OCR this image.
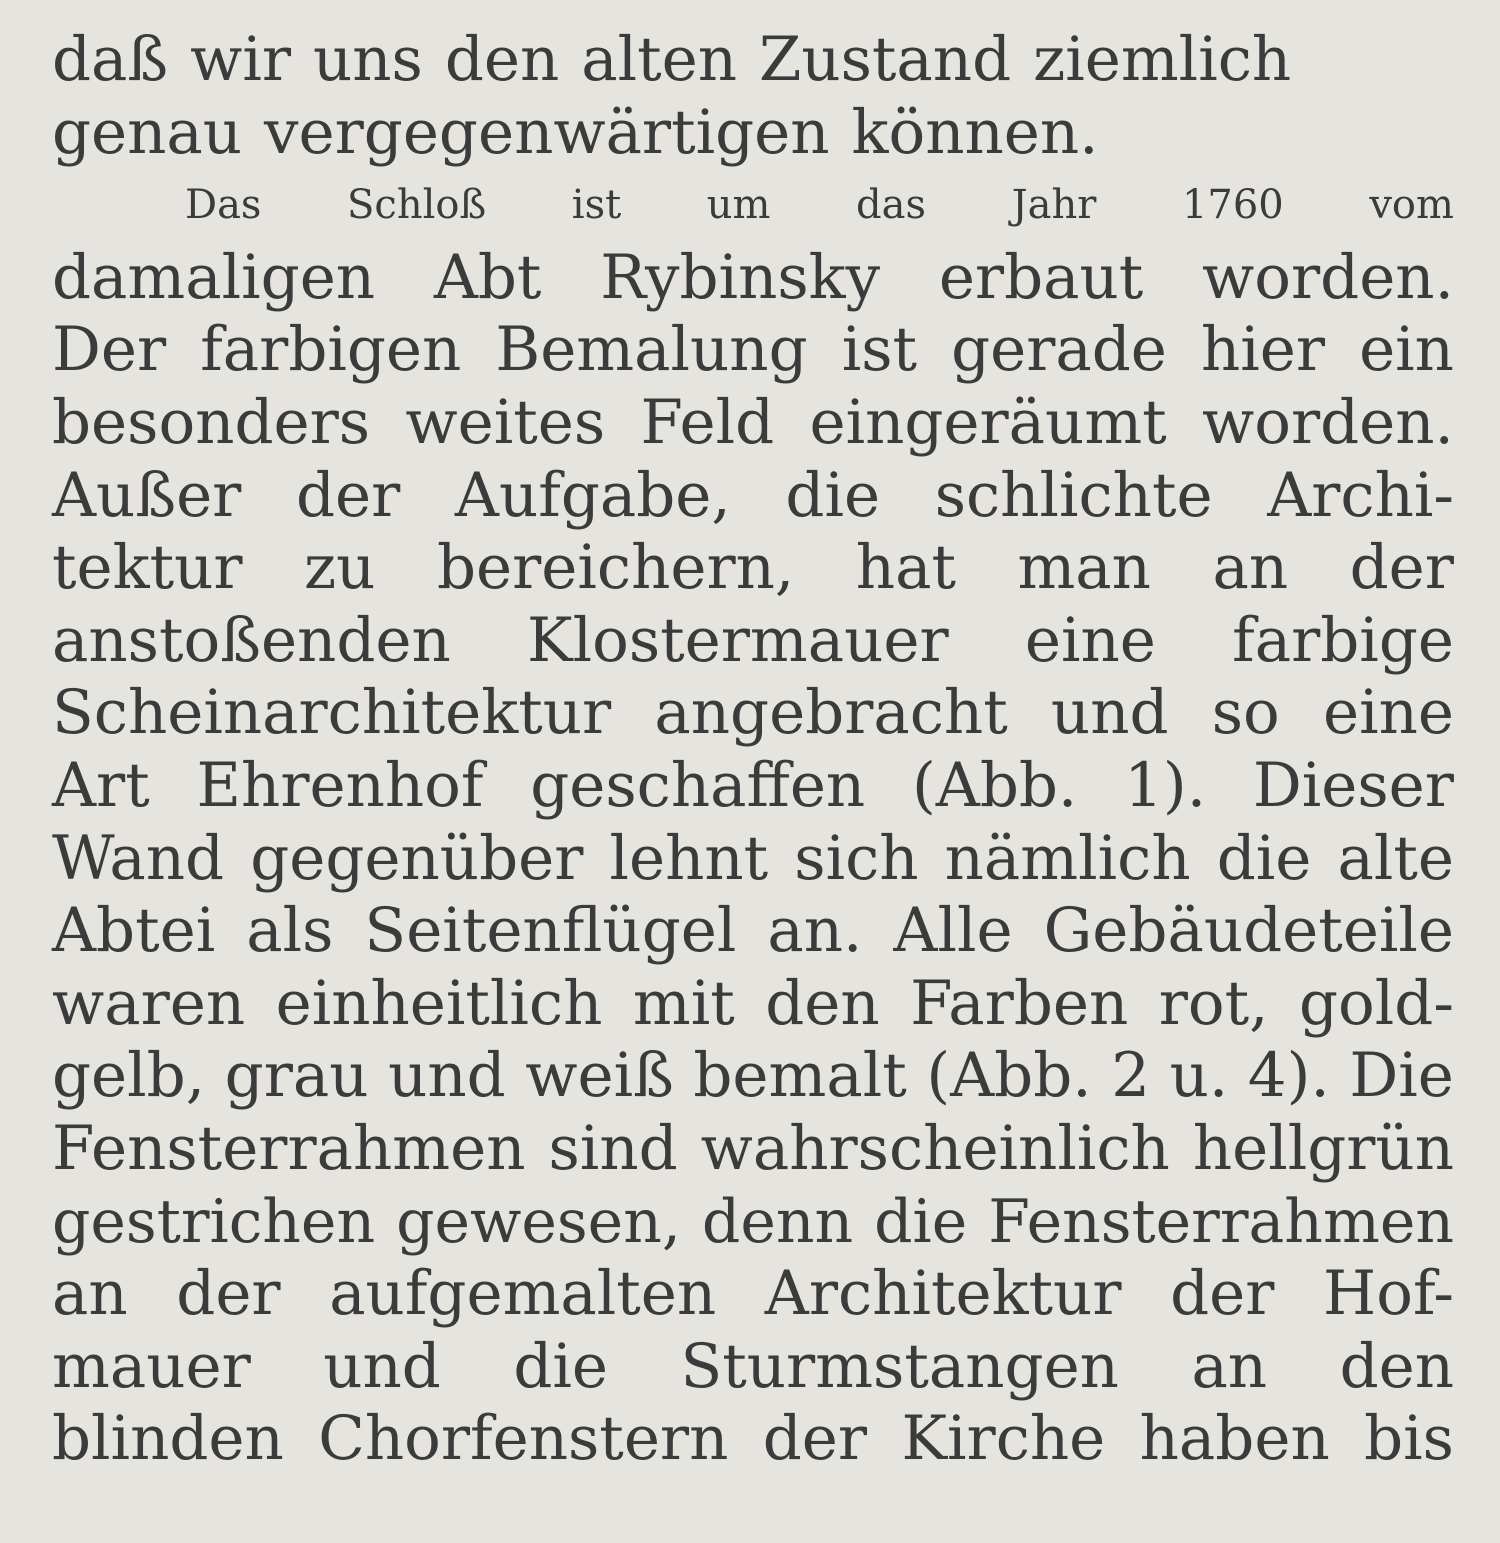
daß wir uns den alten Zustand ziemlich
genau vergegenwärtigen können.
Das Schloß ist um das Jahr 1760 vom
damaligen Abt Rybinsky erbaut worden.
Der farbigen Bemalung ist gerade hier ein
besonders weites Feld eingeräumt worden.
Außer der Aufgabe, die schlichte Archi-
tektur zu bereichern, hat man an der
anstoßenden Klostermauer eine farbige
Scheinarchitektur angebracht und so eine
Art Ehrenhof geschaffen (Abb. 1). Dieser
Wand gegenüber lehnt sich nämlich die alte
Abtei als Seitenflügel an. Alle Gebäudeteile
waren einheitlich mit den Farben rot, gold-
gelb, grau und weiß bemalt (Abb. 2 u. 4). Die
Fensterrahmen sind wahrscheinlich hellgrün
gestrichen gewesen, denn die Fensterrahmen
an der aufgemalten Architektur der Hof-
mauer und die Sturmstangen an den
blinden Chorfenstern der Kirche haben bis
